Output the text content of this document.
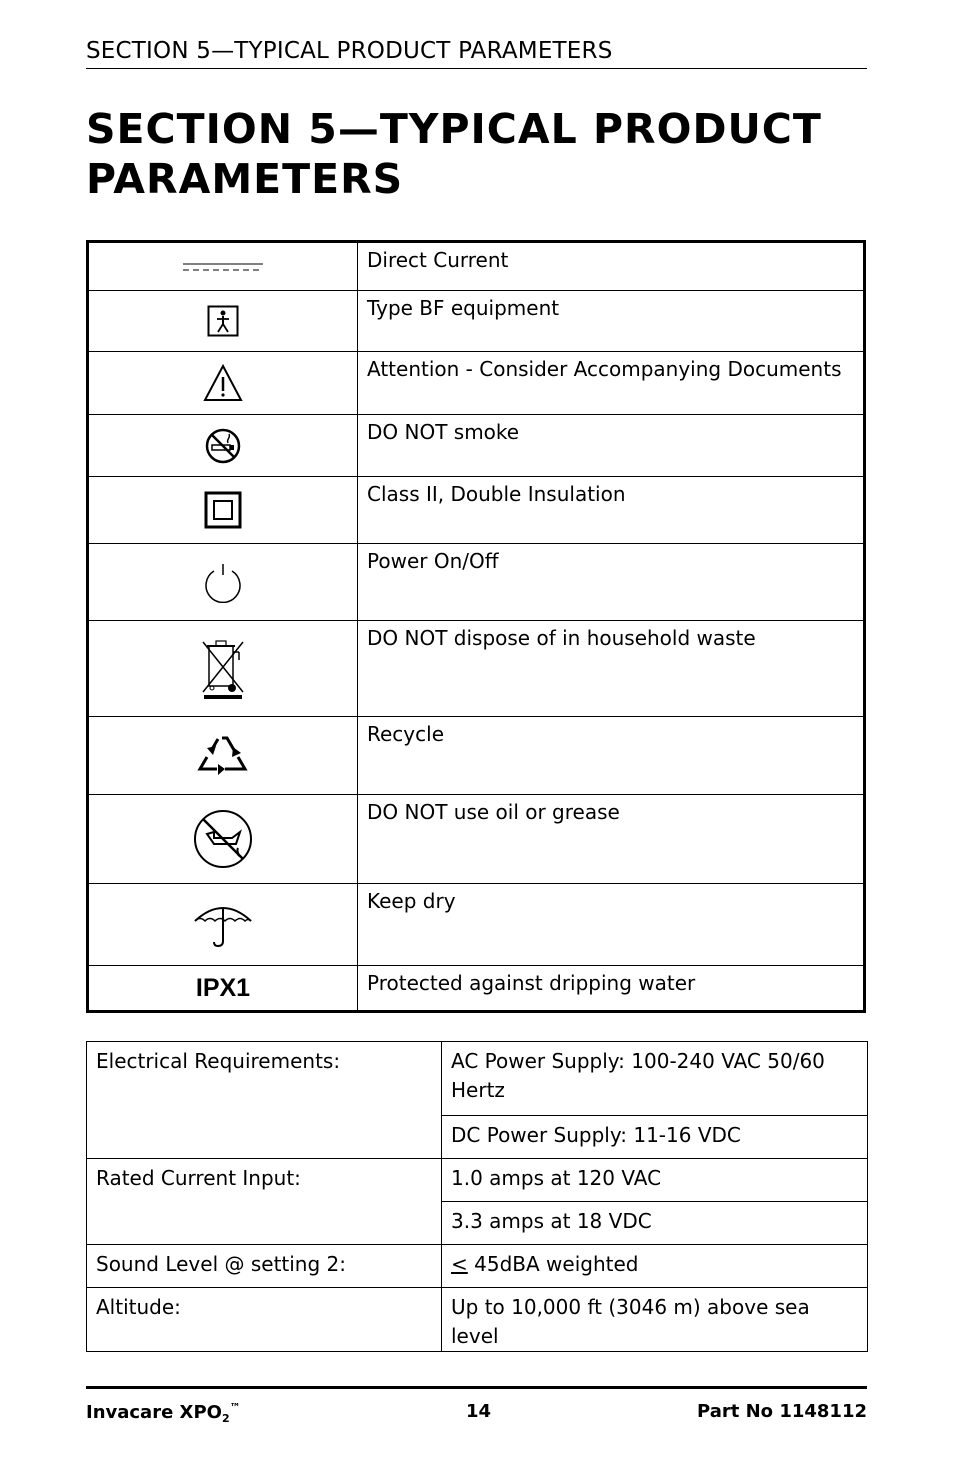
SECTION 5—TYPICAL PRODUCT PARAMETERS
SECTION 5—TYPICAL PRODUCT PARAMETERS
	Direct Current

	Type BF equipment

	Attention - Consider Accompanying Documents

	DO NOT smoke

	Class II, Double Insulation

	Power On/Off

	DO NOT dispose of in household waste

	Recycle

	DO NOT use oil or grease

	Keep dry
IPX1	Protected against dripping water
Electrical Requirements:	AC Power Supply: 100-240 VAC 50/60 Hertz
	DC Power Supply: 11-16 VDC
Rated Current Input:	1.0 amps at 120 VAC
	3.3 amps at 18 VDC
Sound Level @ setting 2:	< 45dBA weighted
Altitude:	Up to 10,000 ft (3046 m) above sea level
Invacare $XPO_2™$	14	Part No 1148112
